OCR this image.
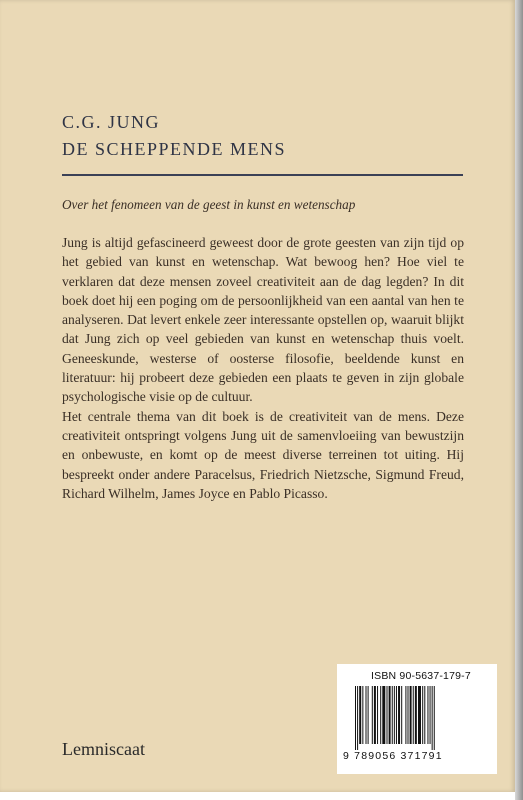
C.G. JUNG
DE SCHEPPENDE MENS
Over het fenomeen van de geest in kunst en wetenschap

Jung is altijd gefascineerd geweest door de grote geesten van zijn tijd op het gebied van kunst en wetenschap. Wat bewoog hen? Hoe viel te verklaren dat deze mensen zoveel creativiteit aan de dag legden? In dit boek doet hij een poging om de persoonlijkheid van een aantal van hen te analyseren. Dat levert enkele zeer interessante opstellen op, waaruit blijkt dat Jung zich op veel gebieden van kunst en wetenschap thuis voelt. Geneeskunde, westerse of oosterse filosofie, beeldende kunst en literatuur: hij probeert deze gebieden een plaats te geven in zijn globale psychologische visie op de cultuur.

Het centrale thema van dit boek is de creativiteit van de mens. Deze creativiteit ontspringt volgens Jung uit de samenvloeiing van bewustzijn en onbewuste, en komt op de meest diverse terreinen tot uiting. Hij bespreekt onder andere Paracelsus, Friedrich Nietzsche, Sigmund Freud, Richard Wilhelm, James Joyce en Pablo Picasso.

ISBN 90-5637-179-7
9 789056 371791
Lemniscaat
